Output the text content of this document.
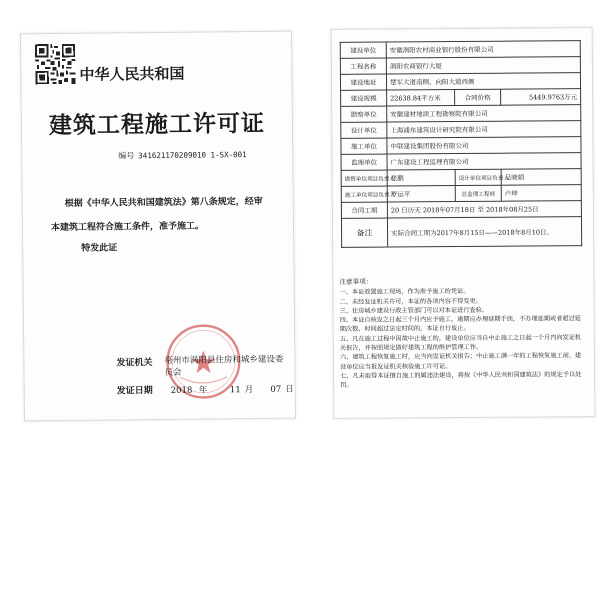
中华人民共和国
建筑工程施工许可证
编号 341621170209010 1-SX-001
根据《中华人民共和国建筑法》第八条规定，经审
本建筑工程符合施工条件，准予施工。
特发此证
发证机关 亳州市涡阳县住房和城乡建设委员会
发证日期 2018 年	11 月 07 日
建设单位	安徽涡阳农村商业银行股份有限公司		
工程名称	涡阳农商银行大厦		
建设地址	楚军大道南侧、向阳大道西侧		
建设规模	22638.84平方米	合同价格	5449.9763万元
勘察单位	安徽建材地质工程勘察院有限公司		
设计单位	上海浦东建筑设计研究院有限公司		
施工单位	中联建设集团股份有限公司		
监理单位	广东建设工程监理有限公司		
勘察单位项目负责人	张鹏	设计单位项目负责人	吴晓娟
施工单位项目负责人	罗运平	总监理工程师	卢坤
合同工期	20 日历天 2018年07月18日 至 2018年08月25日		
备注	实际合同工期为2017年8月15日——2018年8月10日。		
注意事项：
一、本证放置施工现场，作为准予施工的凭证。
二、未经发证机关许可，本证的各项内容不得变更。
三、住房城乡建设行政主管部门可以对本证进行查验。
四、本证自核发之日起三个月内应予施工，逾期应办理延期手续，不办理延期或者超过延期次数、时间超过法定时间的，本证自行废止。
五、凡在施工过程中因故中止施工的，建设单位应当自中止施工之日起一个月内向发证机关报告，并按照规定做好建筑工程的维护管理工作。
六、建筑工程恢复施工时，应当向发证机关报告；中止施工满一年的工程恢复施工前，建设单位应当报发证机关核验施工许可证。
七、凡未取得本证擅自施工的属违法建设，将按《中华人民共和国建筑法》的规定予以处罚。
